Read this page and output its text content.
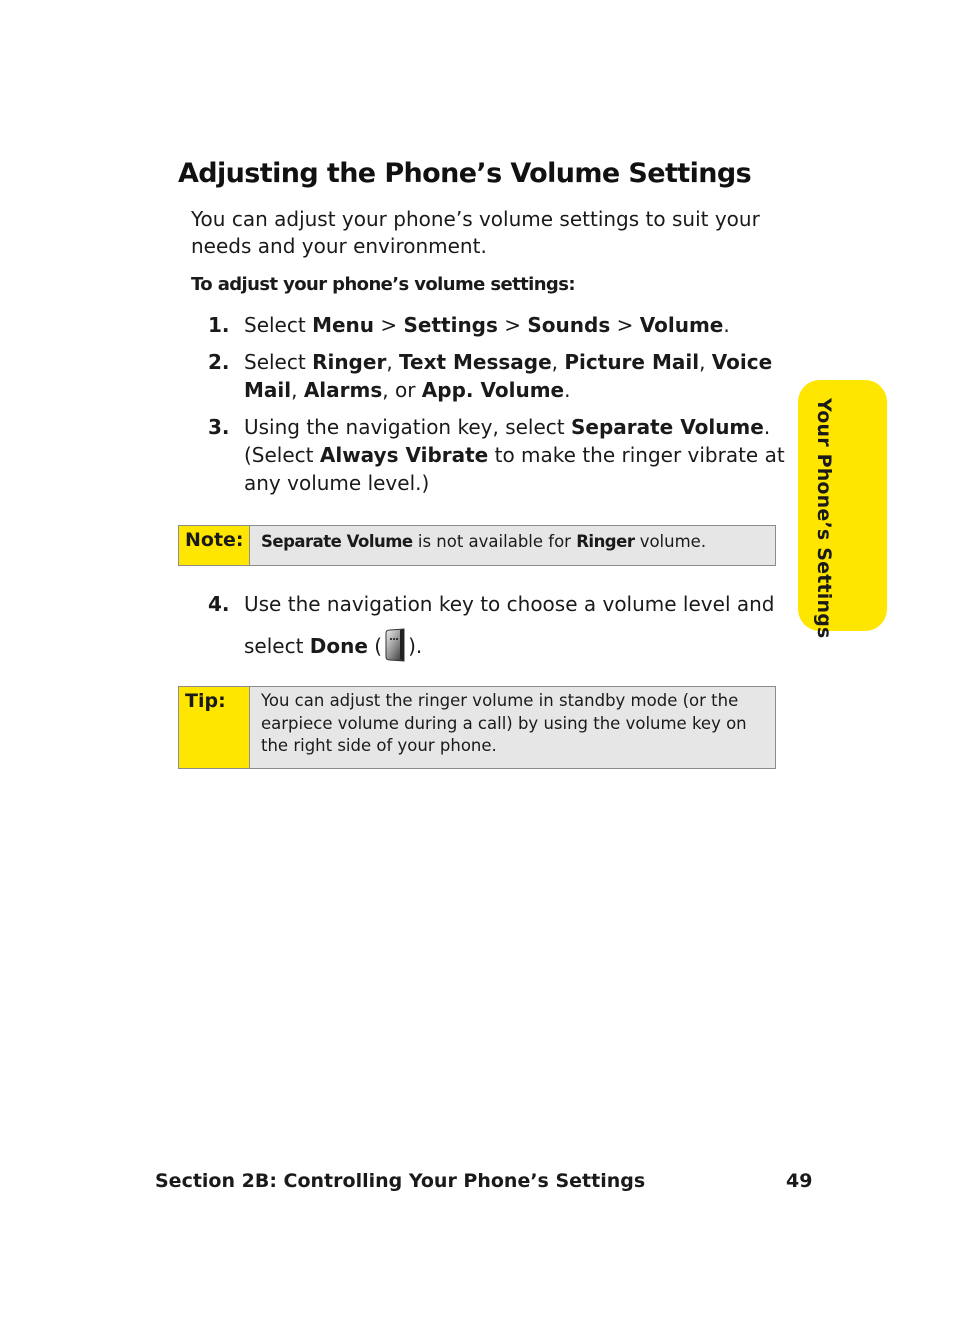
Adjusting the Phone’s Volume Settings
You can adjust your phone’s volume settings to suit your needs and your environment.
To adjust your phone’s volume settings:
1. Select Menu > Settings > Sounds > Volume.
2. Select Ringer, Text Message, Picture Mail, Voice Mail, Alarms, or App. Volume.
3. Using the navigation key, select Separate Volume. (Select Always Vibrate to make the ringer vibrate at any volume level.)
Note:	Separate Volume is not available for Ringer volume.
4. Use the navigation key to choose a volume level and select Done ( ).
Tip:	You can adjust the ringer volume in standby mode (or the earpiece volume during a call) by using the volume key on the right side of your phone.
Your Phone’s Settings
Section 2B: Controlling Your Phone’s Settings	49
